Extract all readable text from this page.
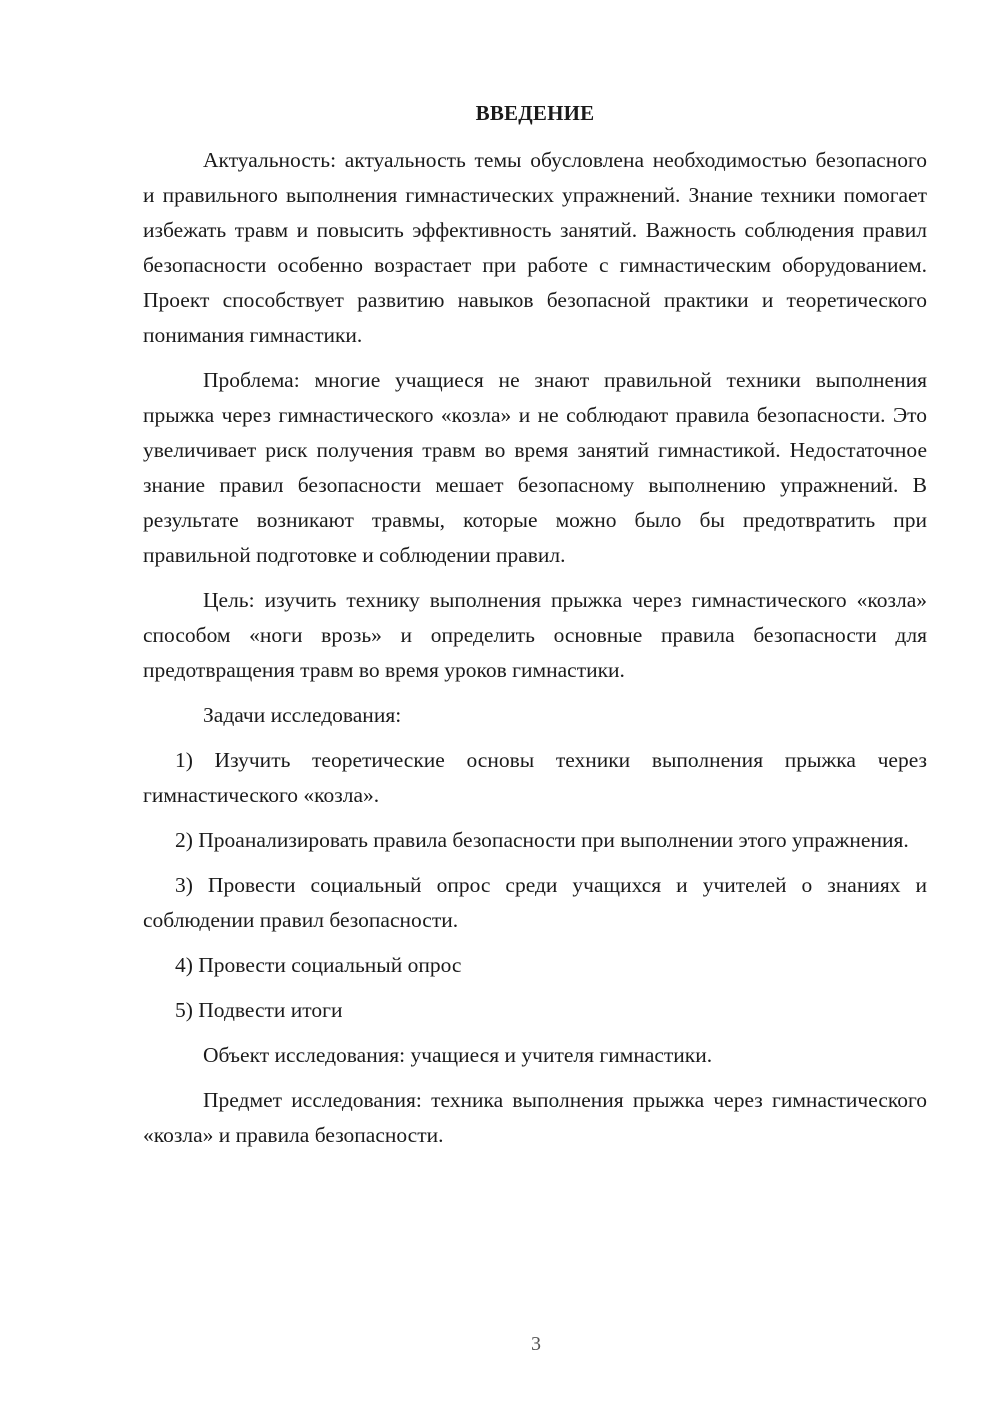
ВВЕДЕНИЕ

Актуальность: актуальность темы обусловлена необходимостью безопасного и правильного выполнения гимнастических упражнений. Знание техники помогает избежать травм и повысить эффективность занятий. Важность соблюдения правил безопасности особенно возрастает при работе с гимнастическим оборудованием. Проект способствует развитию навыков безопасной практики и теоретического понимания гимнастики.

Проблема: многие учащиеся не знают правильной техники выполнения прыжка через гимнастического «козла» и не соблюдают правила безопасности. Это увеличивает риск получения травм во время занятий гимнастикой. Недостаточное знание правил безопасности мешает безопасному выполнению упражнений. В результате возникают травмы, которые можно было бы предотвратить при правильной подготовке и соблюдении правил.

Цель: изучить технику выполнения прыжка через гимнастического «козла» способом «ноги врозь» и определить основные правила безопасности для предотвращения травм во время уроков гимнастики.

Задачи исследования:

1) Изучить теоретические основы техники выполнения прыжка через гимнастического «козла».

2) Проанализировать правила безопасности при выполнении этого упражнения.

3) Провести социальный опрос среди учащихся и учителей о знаниях и соблюдении правил безопасности.

4) Провести социальный опрос

5) Подвести итоги

Объект исследования: учащиеся и учителя гимнастики.

Предмет исследования: техника выполнения прыжка через гимнастического «козла» и правила безопасности.

3
